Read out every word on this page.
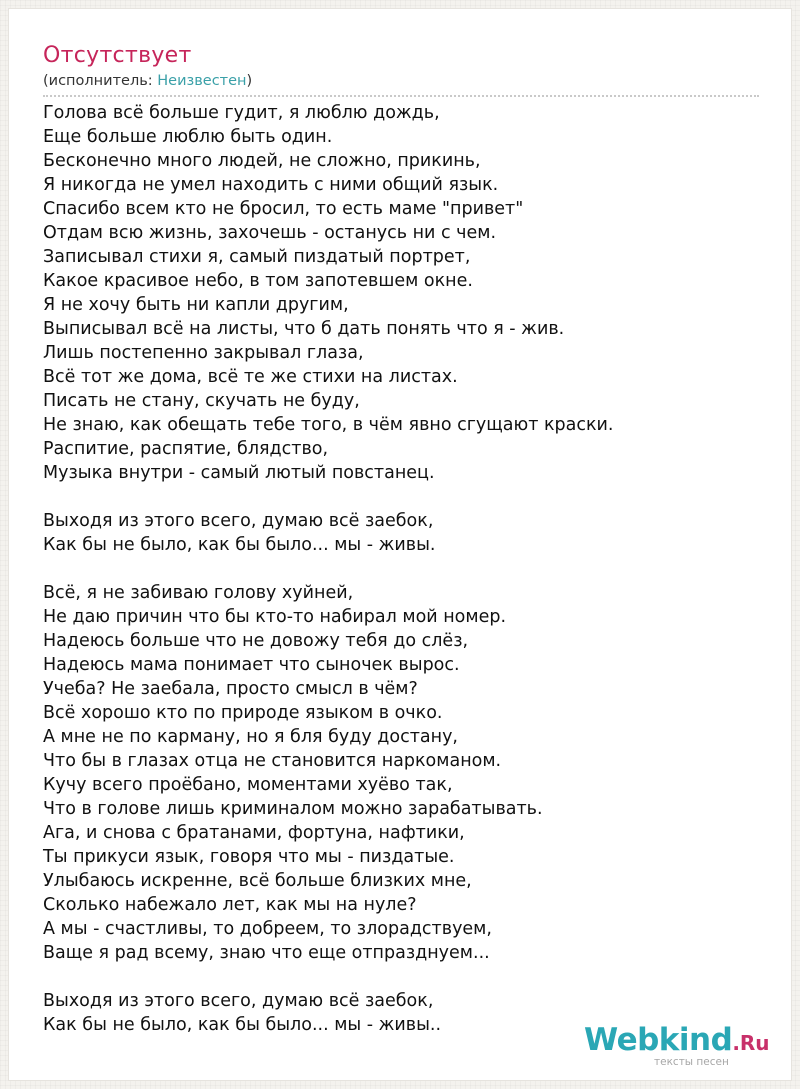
Отсутствует
(исполнитель: Неизвестен)
Голова всё больше гудит, я люблю дождь,
Еще больше люблю быть один.
Бесконечно много людей, не сложно, прикинь,
Я никогда не умел находить с ними общий язык.
Спасибо всем кто не бросил, то есть маме "привет"
Отдам всю жизнь, захочешь - останусь ни с чем.
Записывал стихи я, самый пиздатый портрет,
Какое красивое небо, в том запотевшем окне.
Я не хочу быть ни капли другим,
Выписывал всё на листы, что б дать понять что я - жив.
Лишь постепенно закрывал глаза,
Всё тот же дома, всё те же стихи на листах.
Писать не стану, скучать не буду,
Не знаю, как обещать тебе того, в чём явно сгущают краски.
Распитие, распятие, блядство,
Музыка внутри - самый лютый повстанец.
Выходя из этого всего, думаю всё заебок,
Как бы не было, как бы было... мы - живы.
Всё, я не забиваю голову хуйней,
Не даю причин что бы кто-то набирал мой номер.
Надеюсь больше что не довожу тебя до слёз,
Надеюсь мама понимает что сыночек вырос.
Учеба? Не заебала, просто смысл в чём?
Всё хорошо кто по природе языком в очко.
А мне не по карману, но я бля буду достану,
Что бы в глазах отца не становится наркоманом.
Кучу всего проёбано, моментами хуёво так,
Что в голове лишь криминалом можно зарабатывать.
Ага, и снова с братанами, фортуна, нафтики,
Ты прикуси язык, говоря что мы - пиздатые.
Улыбаюсь искренне, всё больше близких мне,
Сколько набежало лет, как мы на нуле?
А мы - счастливы, то добреем, то злорадствуем,
Ваще я рад всему, знаю что еще отпразднуем...
Выходя из этого всего, думаю всё заебок,
Как бы не было, как бы было... мы - живы..	Webkind.Ru
тексты песен
